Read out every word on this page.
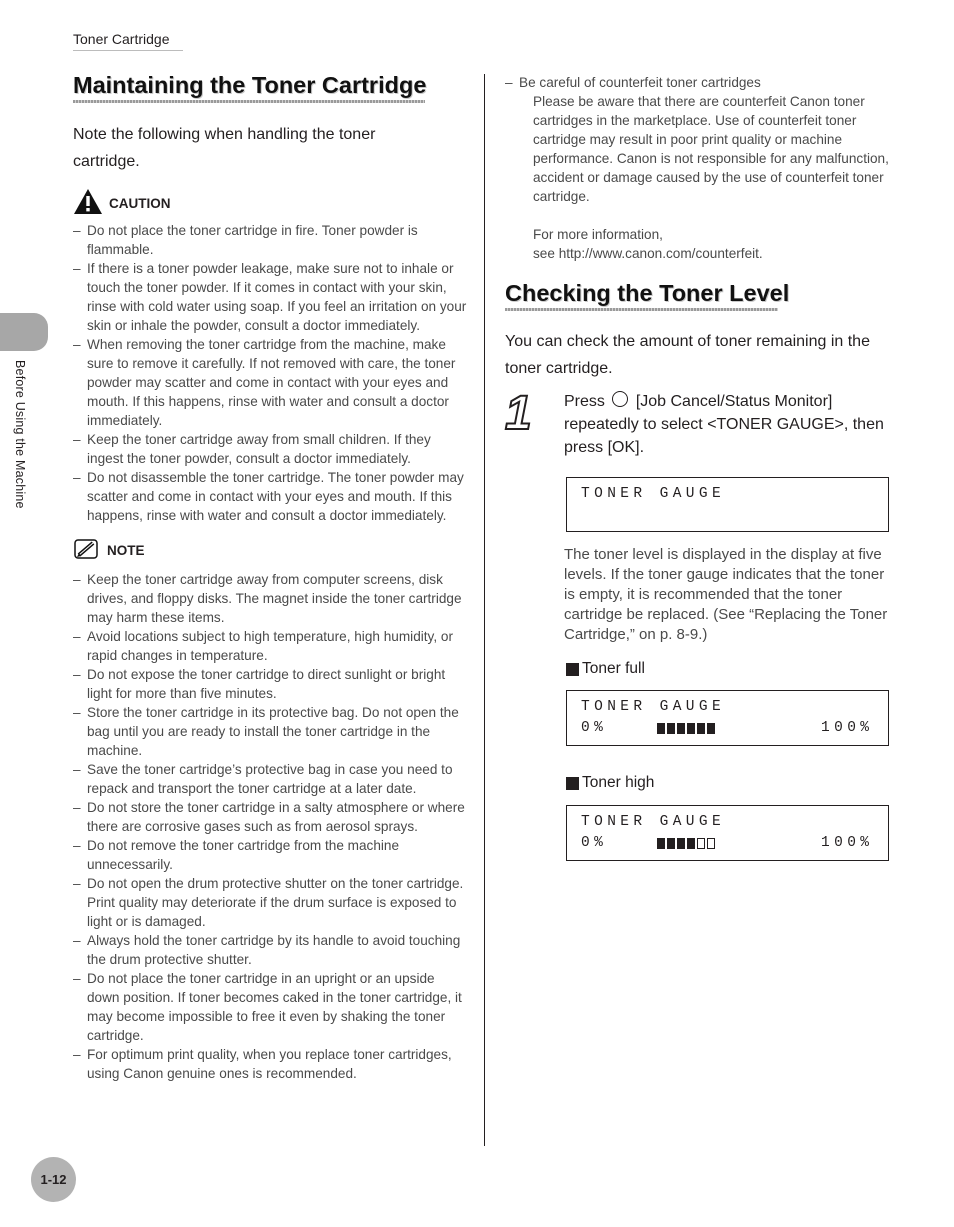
Toner Cartridge
Before Using the Machine
Maintaining the Toner Cartridge
Note the following when handling the toner cartridge.
CAUTION
– Do not place the toner cartridge in fire. Toner powder is flammable.
– If there is a toner powder leakage, make sure not to inhale or touch the toner powder. If it comes in contact with your skin, rinse with cold water using soap. If you feel an irritation on your skin or inhale the powder, consult a doctor immediately.
– When removing the toner cartridge from the machine, make sure to remove it carefully. If not removed with care, the toner powder may scatter and come in contact with your eyes and mouth. If this happens, rinse with water and consult a doctor immediately.
– Keep the toner cartridge away from small children. If they ingest the toner powder, consult a doctor immediately.
– Do not disassemble the toner cartridge. The toner powder may scatter and come in contact with your eyes and mouth. If this happens, rinse with water and consult a doctor immediately.
NOTE
– Keep the toner cartridge away from computer screens, disk drives, and floppy disks. The magnet inside the toner cartridge may harm these items.
– Avoid locations subject to high temperature, high humidity, or rapid changes in temperature.
– Do not expose the toner cartridge to direct sunlight or bright light for more than five minutes.
– Store the toner cartridge in its protective bag. Do not open the bag until you are ready to install the toner cartridge in the machine.
– Save the toner cartridge’s protective bag in case you need to repack and transport the toner cartridge at a later date.
– Do not store the toner cartridge in a salty atmosphere or where there are corrosive gases such as from aerosol sprays.
– Do not remove the toner cartridge from the machine unnecessarily.
– Do not open the drum protective shutter on the toner cartridge. Print quality may deteriorate if the drum surface is exposed to light or is damaged.
– Always hold the toner cartridge by its handle to avoid touching the drum protective shutter.
– Do not place the toner cartridge in an upright or an upside down position. If toner becomes caked in the toner cartridge, it may become impossible to free it even by shaking the toner cartridge.
– For optimum print quality, when you replace toner cartridges, using Canon genuine ones is recommended.
– Be careful of counterfeit toner cartridges
Please be aware that there are counterfeit Canon toner cartridges in the marketplace. Use of counterfeit toner cartridge may result in poor print quality or machine performance. Canon is not responsible for any malfunction, accident or damage caused by the use of counterfeit toner cartridge.
For more information,
see http://www.canon.com/counterfeit.
Checking the Toner Level
You can check the amount of toner remaining in the toner cartridge.
1 Press [Job Cancel/Status Monitor] repeatedly to select <TONER GAUGE>, then press [OK].
TONER GAUGE
The toner level is displayed in the display at five levels. If the toner gauge indicates that the toner is empty, it is recommended that the toner cartridge be replaced. (See “Replacing the Toner Cartridge,” on p. 8-9.)
Toner full
TONER GAUGE
0%	100%
Toner high
TONER GAUGE
0%	100%
1-12
